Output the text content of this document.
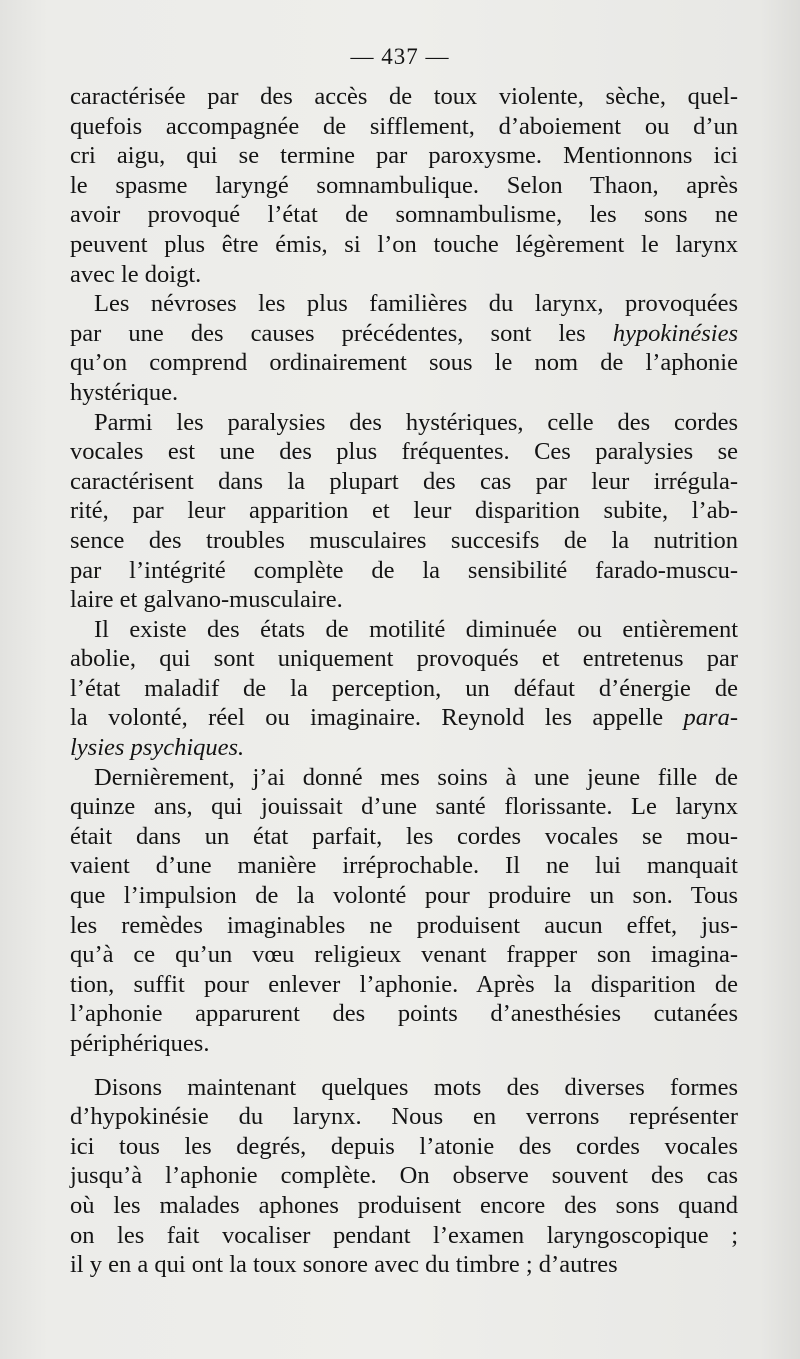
— 437 —
caractérisée par des accès de toux violente, sèche, quel-
quefois accompagnée de sifflement, d’aboiement ou d’un
cri aigu, qui se termine par paroxysme. Mentionnons ici
le spasme laryngé somnambulique. Selon Thaon, après
avoir provoqué l’état de somnambulisme, les sons ne
peuvent plus être émis, si l’on touche légèrement le larynx
avec le doigt.
Les névroses les plus familières du larynx, provoquées
par une des causes précédentes, sont les hypokinésies
qu’on comprend ordinairement sous le nom de l’aphonie
hystérique.
Parmi les paralysies des hystériques, celle des cordes
vocales est une des plus fréquentes. Ces paralysies se
caractérisent dans la plupart des cas par leur irrégula-
rité, par leur apparition et leur disparition subite, l’ab-
sence des troubles musculaires succesifs de la nutrition
par l’intégrité complète de la sensibilité farado-muscu-
laire et galvano-musculaire.
Il existe des états de motilité diminuée ou entièrement
abolie, qui sont uniquement provoqués et entretenus par
l’état maladif de la perception, un défaut d’énergie de
la volonté, réel ou imaginaire. Reynold les appelle para-
lysies psychiques.
Dernièrement, j’ai donné mes soins à une jeune fille de
quinze ans, qui jouissait d’une santé florissante. Le larynx
était dans un état parfait, les cordes vocales se mou-
vaient d’une manière irréprochable. Il ne lui manquait
que l’impulsion de la volonté pour produire un son. Tous
les remèdes imaginables ne produisent aucun effet, jus-
qu’à ce qu’un vœu religieux venant frapper son imagina-
tion, suffit pour enlever l’aphonie. Après la disparition de
l’aphonie apparurent des points d’anesthésies cutanées
périphériques.
Disons maintenant quelques mots des diverses formes
d’hypokinésie du larynx. Nous en verrons représenter
ici tous les degrés, depuis l’atonie des cordes vocales
jusqu’à l’aphonie complète. On observe souvent des cas
où les malades aphones produisent encore des sons quand
on les fait vocaliser pendant l’examen laryngoscopique ;
il y en a qui ont la toux sonore avec du timbre ; d’autres
